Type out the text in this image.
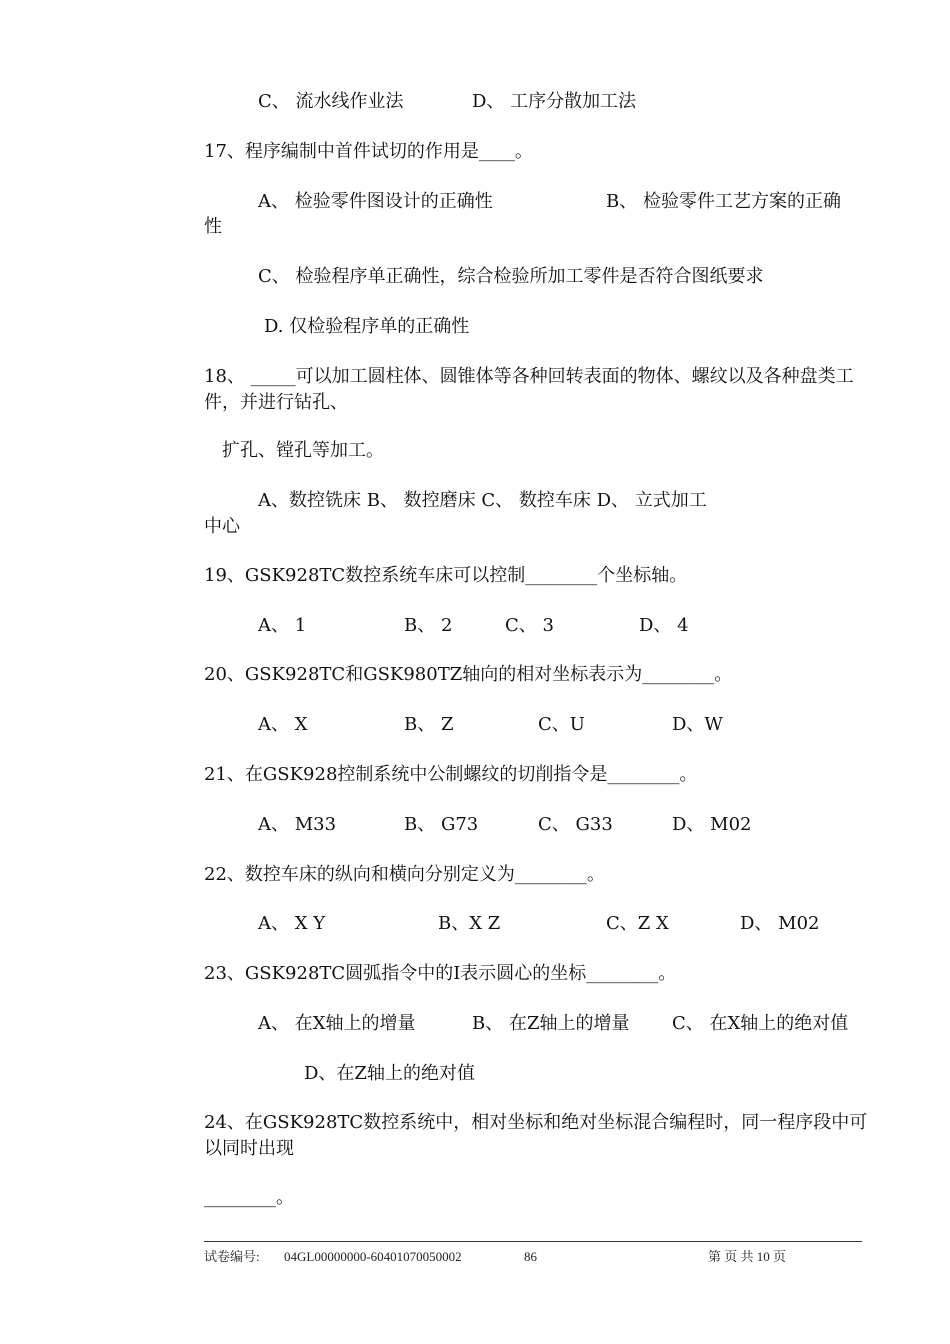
C、 流水线作业法	D、 工序分散加工法
17、程序编制中首件试切的作用是____。
A、 检验零件图设计的正确性	B、 检验零件工艺方案的正确
性
C、 检验程序单正确性，综合检验所加工零件是否符合图纸要求
D. 仅检验程序单的正确性
18、 _____可以加工圆柱体、圆锥体等各种回转表面的物体、螺纹以及各种盘类工件，并进行钻孔、
扩孔、镗孔等加工。
A、数控铣床 B、 数控磨床 C、 数控车床 D、 立式加工
中心
19、GSK928TC数控系统车床可以控制________个坐标轴。
A、 1	B、 2	C、 3	D、 4
20、GSK928TC和GSK980TZ轴向的相对坐标表示为________。
A、 X	B、 Z	C、U	D、W
21、在GSK928控制系统中公制螺纹的切削指令是________。
A、 M33	B、 G73	C、 G33	D、 M02
22、数控车床的纵向和横向分别定义为________。
A、 X Y	B、X Z	C、Z X	D、 M02
23、GSK928TC圆弧指令中的I表示圆心的坐标________。
A、 在X轴上的增量	B、 在Z轴上的增量 C、 在X轴上的绝对值
D、在Z轴上的绝对值
24、在GSK928TC数控系统中，相对坐标和绝对坐标混合编程时，同一程序段中可以同时出现
________。
试卷编号: 04GL00000000-60401070050002	86	第 页 共 10 页
